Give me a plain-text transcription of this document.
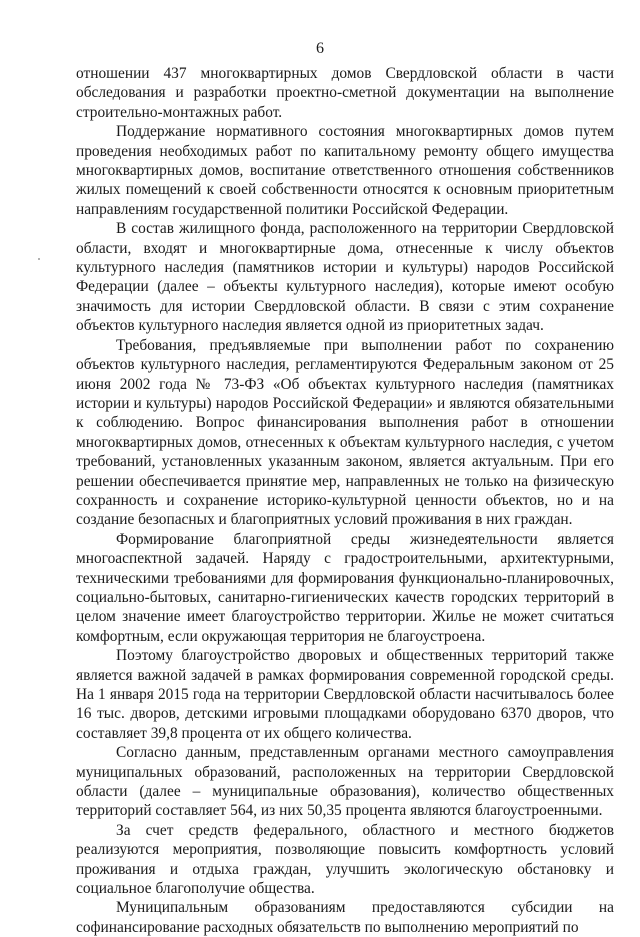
6

отношении 437 многоквартирных домов Свердловской области в части обследования и разработки проектно-сметной документации на выполнение строительно-монтажных работ.

Поддержание нормативного состояния многоквартирных домов путем проведения необходимых работ по капитальному ремонту общего имущества многоквартирных домов, воспитание ответственного отношения собственников жилых помещений к своей собственности относятся к основным приоритетным направлениям государственной политики Российской Федерации.

В состав жилищного фонда, расположенного на территории Свердловской области, входят и многоквартирные дома, отнесенные к числу объектов культурного наследия (памятников истории и культуры) народов Российской Федерации (далее – объекты культурного наследия), которые имеют особую значимость для истории Свердловской области. В связи с этим сохранение объектов культурного наследия является одной из приоритетных задач.

Требования, предъявляемые при выполнении работ по сохранению объектов культурного наследия, регламентируются Федеральным законом от 25 июня 2002 года № 73-ФЗ «Об объектах культурного наследия (памятниках истории и культуры) народов Российской Федерации» и являются обязательными к соблюдению. Вопрос финансирования выполнения работ в отношении многоквартирных домов, отнесенных к объектам культурного наследия, с учетом требований, установленных указанным законом, является актуальным. При его решении обеспечивается принятие мер, направленных не только на физическую сохранность и сохранение историко-культурной ценности объектов, но и на создание безопасных и благоприятных условий проживания в них граждан.

Формирование благоприятной среды жизнедеятельности является многоаспектной задачей. Наряду с градостроительными, архитектурными, техническими требованиями для формирования функционально-планировочных, социально-бытовых, санитарно-гигиенических качеств городских территорий в целом значение имеет благоустройство территории. Жилье не может считаться комфортным, если окружающая территория не благоустроена.

Поэтому благоустройство дворовых и общественных территорий также является важной задачей в рамках формирования современной городской среды. На 1 января 2015 года на территории Свердловской области насчитывалось более 16 тыс. дворов, детскими игровыми площадками оборудовано 6370 дворов, что составляет 39,8 процента от их общего количества.

Согласно данным, представленным органами местного самоуправления муниципальных образований, расположенных на территории Свердловской области (далее – муниципальные образования), количество общественных территорий составляет 564, из них 50,35 процента являются благоустроенными.

За счет средств федерального, областного и местного бюджетов реализуются мероприятия, позволяющие повысить комфортность условий проживания и отдыха граждан, улучшить экологическую обстановку и социальное благополучие общества.

Муниципальным образованиям предоставляются субсидии на софинансирование расходных обязательств по выполнению мероприятий по
